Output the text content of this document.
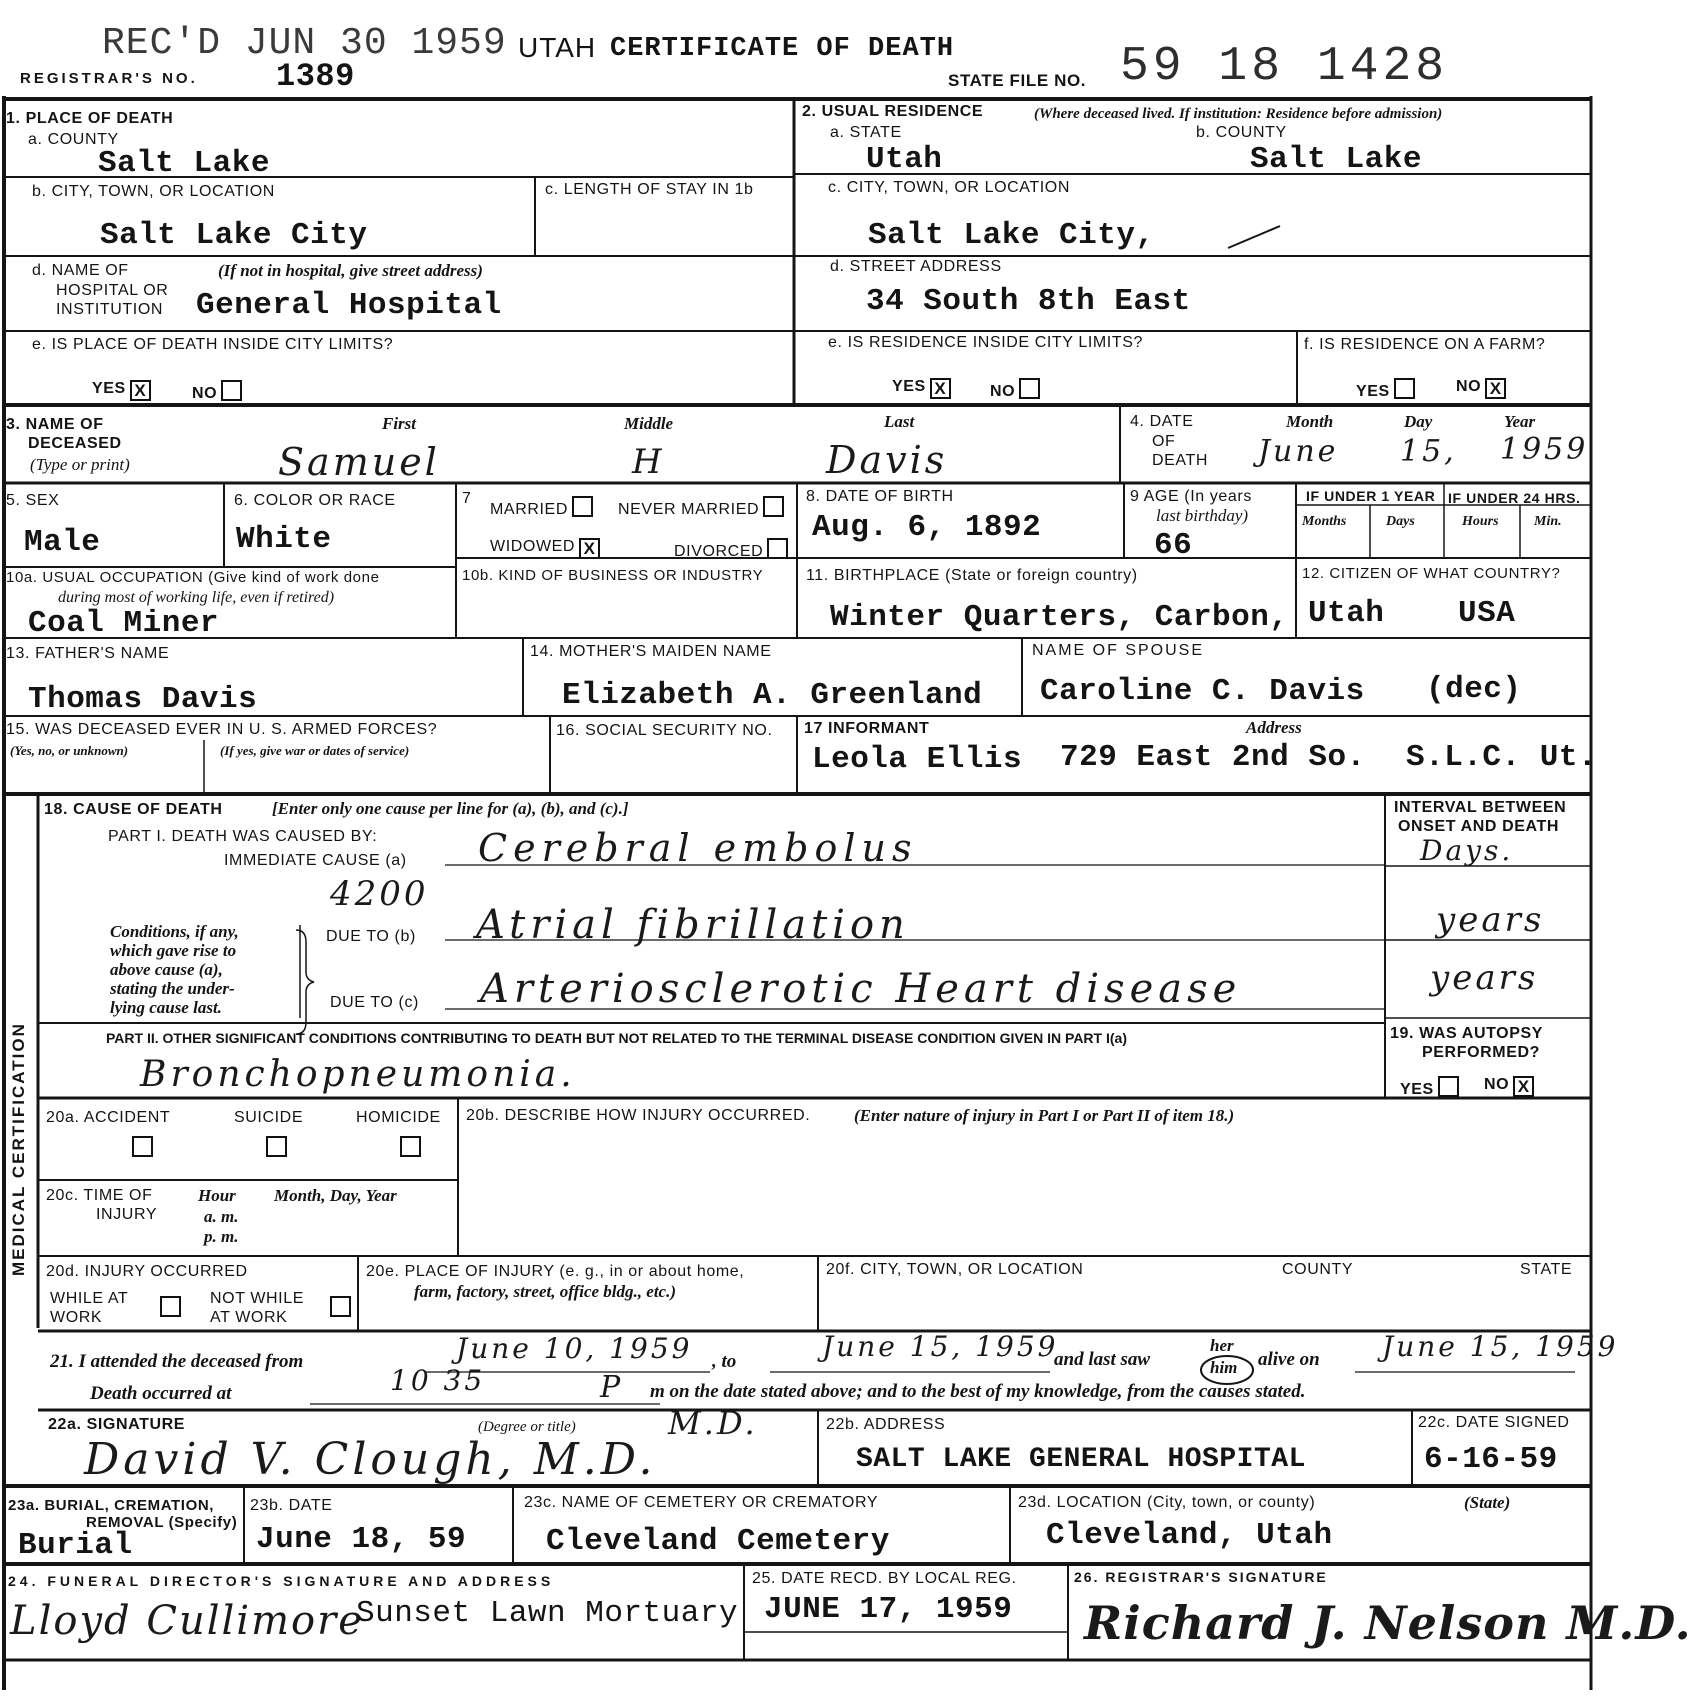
REC'D JUN 30 1959
REGISTRAR'S NO. 1389
UTAH CERTIFICATE OF DEATH
STATE FILE NO. 59 18 1428
1. PLACE OF DEATH
a. COUNTY
Salt Lake
b. CITY, TOWN, OR LOCATION
Salt Lake City
c. LENGTH OF STAY IN 1b
d. NAME OF
HOSPITAL OR
INSTITUTION
(If not in hospital, give street address)
General Hospital
e. IS PLACE OF DEATH INSIDE CITY LIMITS?
YES X	NO
2. USUAL RESIDENCE	(Where deceased lived. If institution: Residence before admission)
a. STATE
Utah
b. COUNTY
Salt Lake
c. CITY, TOWN, OR LOCATION
Salt Lake City,
d. STREET ADDRESS
34 South 8th East
e. IS RESIDENCE INSIDE CITY LIMITS?
YES X	NO
f. IS RESIDENCE ON A FARM?
YES	NO X
3. NAME OF
DECEASED
(Type or print)
First	Middle	Last
Samuel	H	Davis
4. DATE
OF
DEATH
Month	Day	Year
June 15, 1959
5. SEX
Male
6. COLOR OR RACE
White
7
MARRIED	NEVER MARRIED
WIDOWED X	DIVORCED
8. DATE OF BIRTH
Aug. 6, 1892
9 AGE (In years
last birthday)
66
IF UNDER 1 YEAR IF UNDER 24 HRS.
Months	Days	Hours	Min.
10a. USUAL OCCUPATION (Give kind of work done
during most of working life, even if retired)
Coal Miner
10b. KIND OF BUSINESS OR INDUSTRY	11. BIRTHPLACE (State or foreign country)
Winter Quarters, Carbon, Utah
12. CITIZEN OF WHAT COUNTRY?
USA
13. FATHER'S NAME
Thomas Davis
14. MOTHER'S MAIDEN NAME
Elizabeth A. Greenland
NAME OF SPOUSE
Caroline C. Davis (dec)
15. WAS DECEASED EVER IN U. S. ARMED FORCES?
(Yes, no, or unknown)	(If yes, give war or dates of service)
16. SOCIAL SECURITY NO. 17 INFORMANT	Address
Leola Ellis 729 East 2nd So. S.L.C. Ut.
MEDICAL CERTIFICATION
18. CAUSE OF DEATH	[Enter only one cause per line for (a), (b), and (c).]
PART I. DEATH WAS CAUSED BY:
IMMEDIATE CAUSE (a) Cerebral embolus
INTERVAL BETWEEN
ONSET AND DEATH
Days.
4200
Conditions, if any,
which gave rise to
above cause (a),
stating the under-
lying cause last.
DUE TO (b) Atrial fibrillation	years
DUE TO (c) Arteriosclerotic Heart disease	years
PART II. OTHER SIGNIFICANT CONDITIONS CONTRIBUTING TO DEATH BUT NOT RELATED TO THE TERMINAL DISEASE CONDITION GIVEN IN PART I(a)
Bronchopneumonia.
19. WAS AUTOPSY
PERFORMED?
YES	NO X
20a. ACCIDENT	SUICIDE	HOMICIDE 20b. DESCRIBE HOW INJURY OCCURRED.	(Enter nature of injury in Part I or Part II of item 18.)
20c. TIME OF
INJURY
Hour
a. m.
p. m.
Month, Day, Year
20d. INJURY OCCURRED
WHILE AT
WORK
NOT WHILE
AT WORK
20e. PLACE OF INJURY (e. g., in or about home,
farm, factory, street, office bldg., etc.)
20f. CITY, TOWN, OR LOCATION	COUNTY	STATE
21. I attended the deceased from	June 10, 1959 , to	June 15, 1959
and last saw
her
him alive on June 15, 1959
Death occurred at	10 35	P m on the date stated above; and to the best of my knowledge, from the causes stated.
22a. SIGNATURE	(Degree or title)
David V. Clough, M.D.
M.D.	22b. ADDRESS
SALT LAKE GENERAL HOSPITAL
22c. DATE SIGNED
6-16-59
23a. BURIAL, CREMATION,
REMOVAL (Specify)
Burial
23b. DATE
June 18, 59
23c. NAME OF CEMETERY OR CREMATORY
Cleveland Cemetery
23d. LOCATION (City, town, or county)	(State)
Cleveland, Utah
24. FUNERAL DIRECTOR'S SIGNATURE AND ADDRESS
Lloyd Cullimore
Sunset Lawn Mortuary
25. DATE RECD. BY LOCAL REG.
JUNE 17, 1959
26. REGISTRAR'S SIGNATURE
Richard J. Nelson M.D.
